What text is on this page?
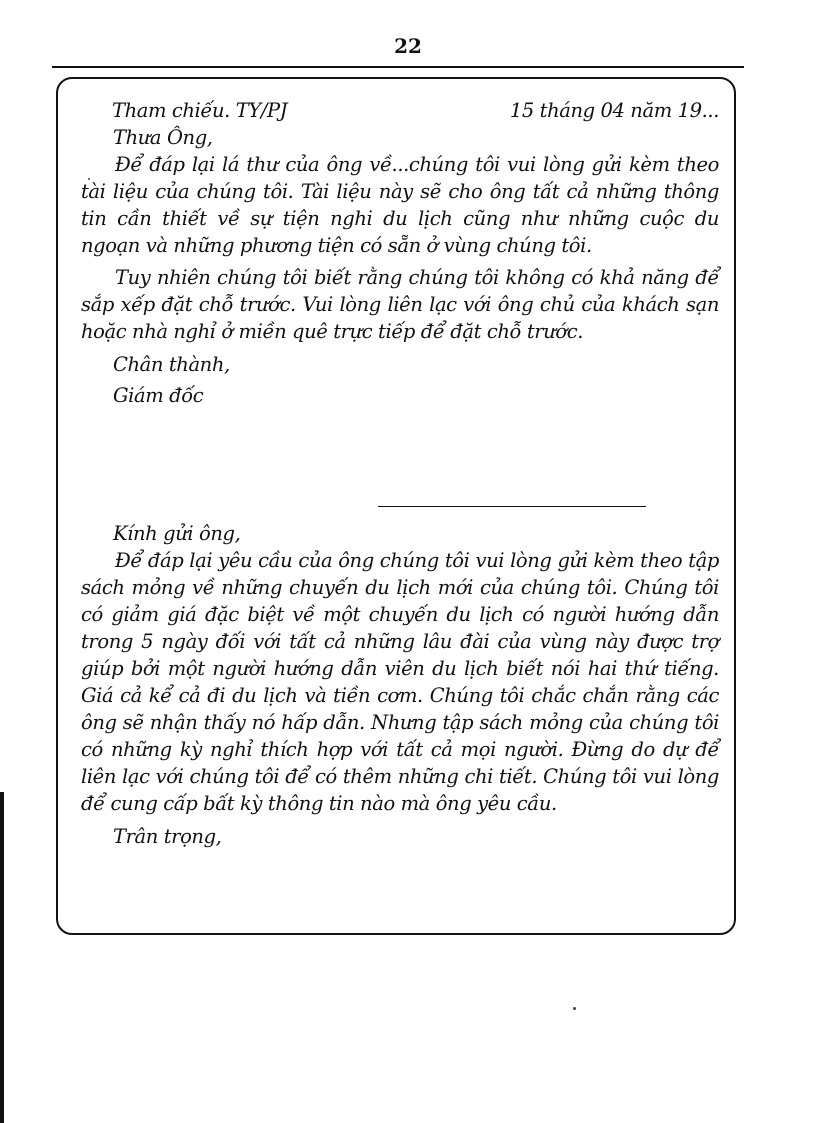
22
Tham chiếu. TY/PJ	15 tháng 04 năm 19...
Thưa Ông,

Để đáp lại lá thư của ông về...chúng tôi vui lòng gửi kèm theo tài liệu của chúng tôi. Tài liệu này sẽ cho ông tất cả những thông tin cần thiết về sự tiện nghi du lịch cũng như những cuộc du ngoạn và những phương tiện có sẵn ở vùng chúng tôi.

Tuy nhiên chúng tôi biết rằng chúng tôi không có khả năng để sắp xếp đặt chỗ trước. Vui lòng liên lạc với ông chủ của khách sạn hoặc nhà nghỉ ở miền quê trực tiếp để đặt chỗ trước.

Chân thành,
Giám đốc
Kính gửi ông,

Để đáp lại yêu cầu của ông chúng tôi vui lòng gửi kèm theo tập sách mỏng về những chuyến du lịch mới của chúng tôi. Chúng tôi có giảm giá đặc biệt về một chuyến du lịch có người hướng dẫn trong 5 ngày đối với tất cả những lâu đài của vùng này được trợ giúp bởi một người hướng dẫn viên du lịch biết nói hai thứ tiếng. Giá cả kể cả đi du lịch và tiền cơm. Chúng tôi chắc chắn rằng các ông sẽ nhận thấy nó hấp dẫn. Nhưng tập sách mỏng của chúng tôi có những kỳ nghỉ thích hợp với tất cả mọi người. Đừng do dự để liên lạc với chúng tôi để có thêm những chi tiết. Chúng tôi vui lòng để cung cấp bất kỳ thông tin nào mà ông yêu cầu.

Trân trọng,
